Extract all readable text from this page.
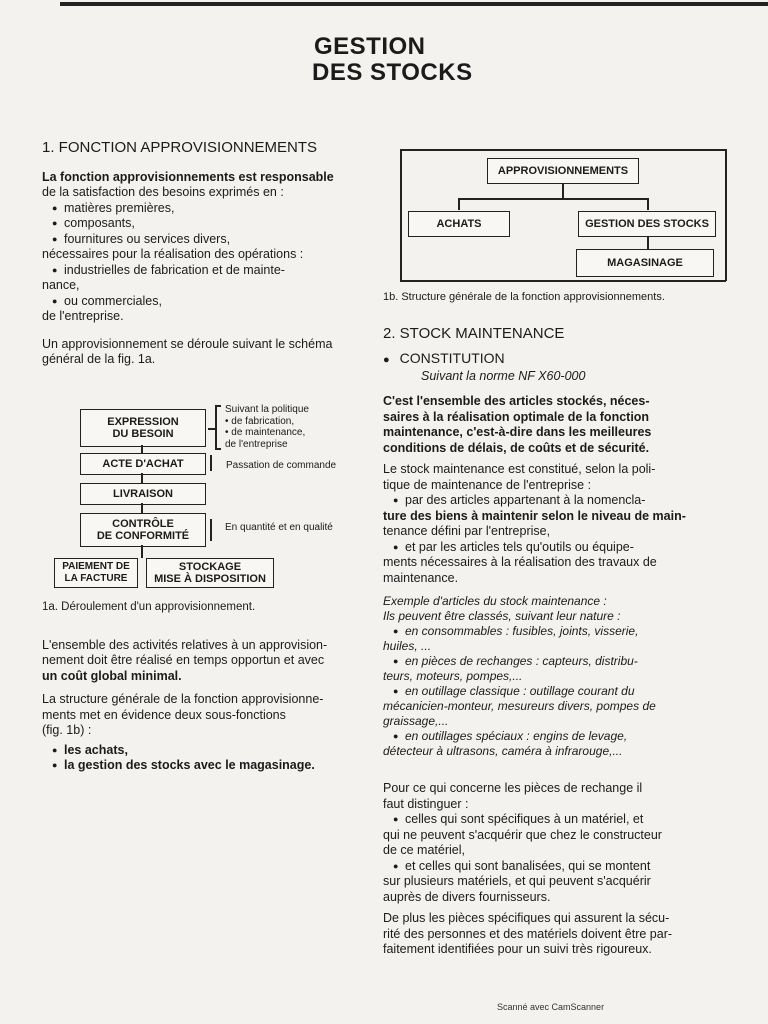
GESTION
DES STOCKS
1. FONCTION APPROVISIONNEMENTS

La fonction approvisionnements est responsable

de la satisfaction des besoins exprimés en :

● matières premières,
● composants,
● fournitures ou services divers,

nécessaires pour la réalisation des opérations :

● industrielles de fabrication et de mainte-

nance,

● ou commerciales,

de l'entreprise.

Un approvisionnement se déroule suivant le schéma

général de la fig. 1a.

EXPRESSION
DU BESOIN
ACTE D'ACHAT
LIVRAISON
CONTRÔLE
DE CONFORMITÉ
PAIEMENT DE
LA FACTURE
STOCKAGE
MISE À DISPOSITION
Suivant la politique
• de fabrication,
• de maintenance,
de l'entreprise
Passation de commande
En quantité et en qualité

1a. Déroulement d'un approvisionnement.

L'ensemble des activités relatives à un approvision-

nement doit être réalisé en temps opportun et avec

un coût global minimal.

La structure générale de la fonction approvisionne-

ments met en évidence deux sous-fonctions

(fig. 1b) :

● les achats,
● la gestion des stocks avec le magasinage.
APPROVISIONNEMENTS
ACHATS	GESTION DES STOCKS
MAGASINAGE

1b. Structure générale de la fonction approvisionnements.

2. STOCK MAINTENANCE
● CONSTITUTION

Suivant la norme NF X60-000

C'est l'ensemble des articles stockés, néces-

saires à la réalisation optimale de la fonction

maintenance, c'est-à-dire dans les meilleures

conditions de délais, de coûts et de sécurité.

Le stock maintenance est constitué, selon la poli-

tique de maintenance de l'entreprise :

● par des articles appartenant à la nomencla-

ture des biens à maintenir selon le niveau de main-

tenance défini par l'entreprise,

● et par les articles tels qu'outils ou équipe-

ments nécessaires à la réalisation des travaux de

maintenance.

Exemple d'articles du stock maintenance :

Ils peuvent être classés, suivant leur nature :

● en consommables : fusibles, joints, visserie,

huiles, ...

● en pièces de rechanges : capteurs, distribu-

teurs, moteurs, pompes,...

● en outillage classique : outillage courant du

mécanicien-monteur, mesureurs divers, pompes de

graissage,...

● en outillages spéciaux : engins de levage,

détecteur à ultrasons, caméra à infrarouge,...

Pour ce qui concerne les pièces de rechange il

faut distinguer :

● celles qui sont spécifiques à un matériel, et

qui ne peuvent s'acquérir que chez le constructeur

de ce matériel,

● et celles qui sont banalisées, qui se montent

sur plusieurs matériels, et qui peuvent s'acquérir

auprès de divers fournisseurs.

De plus les pièces spécifiques qui assurent la sécu-

rité des personnes et des matériels doivent être par-

faitement identifiées pour un suivi très rigoureux.

Scanné avec CamScanner
